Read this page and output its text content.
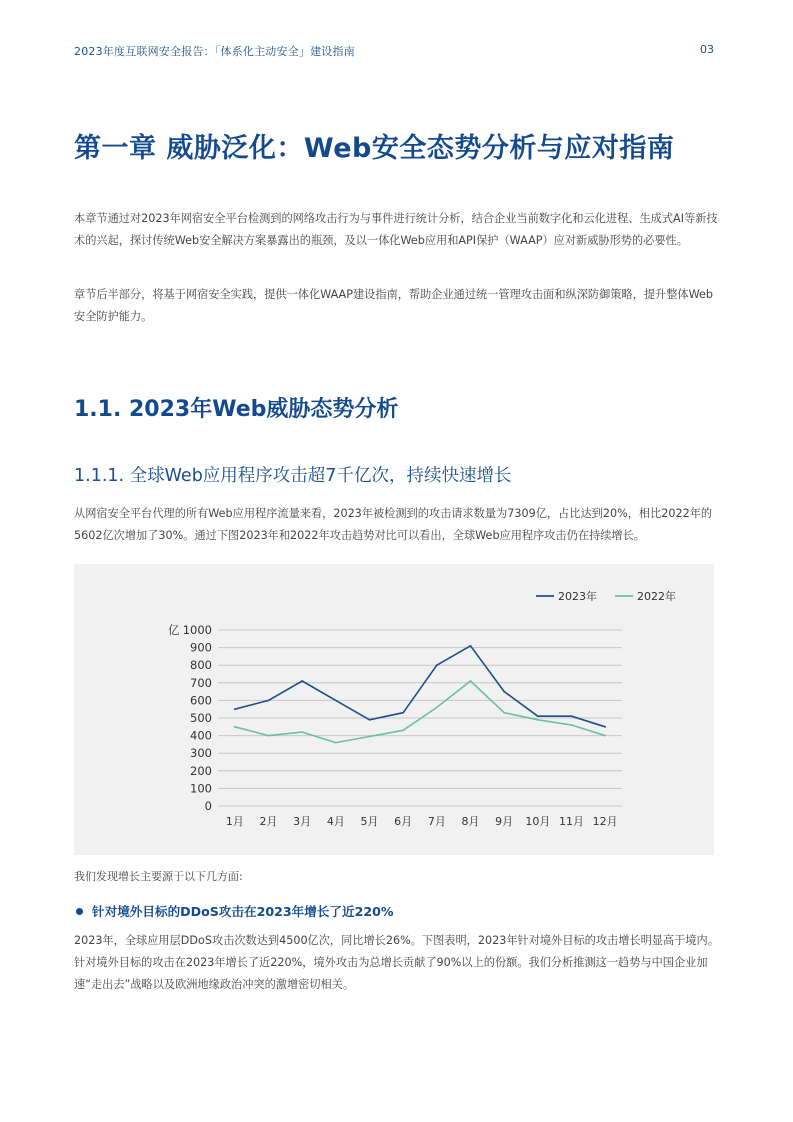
2023年度互联网安全报告：「体系化主动安全」建设指南	03
第一章 威胁泛化：Web安全态势分析与应对指南

本章节通过对2023年网宿安全平台检测到的网络攻击行为与事件进行统计分析，结合企业当前数字化和云化进程、生成式AI等新技术的兴起，探讨传统Web安全解决方案暴露出的瓶颈，及以一体化Web应用和API保护（WAAP）应对新威胁形势的必要性。

章节后半部分，将基于网宿安全实践，提供一体化WAAP建设指南，帮助企业通过统一管理攻击面和纵深防御策略，提升整体Web安全防护能力。

1.1. 2023年Web威胁态势分析
1.1.1. 全球Web应用程序攻击超7千亿次，持续快速增长

从网宿安全平台代理的所有Web应用程序流量来看，2023年被检测到的攻击请求数量为7309亿，占比达到20%，相比2022年的 5602亿次增加了30%。通过下图2023年和2022年攻击趋势对比可以看出，全球Web应用程序攻击仍在持续增长。

0
100
200
300
400
500
600
700
800
900
1000
亿
1月 2月 3月 4月 5月 6月 7月 8月 9月 10月 11月 12月
2023年	2022年

我们发现增长主要源于以下几方面:

针对境外目标的DDoS攻击在2023年增长了近220%

2023年，全球应用层DDoS攻击次数达到4500亿次，同比增长26%。下图表明，2023年针对境外目标的攻击增长明显高于境内。针对境外目标的攻击在2023年增长了近220%，境外攻击为总增长贡献了90%以上的份额。我们分析推测这一趋势与中国企业加速“走出去”战略以及欧洲地缘政治冲突的激增密切相关。
